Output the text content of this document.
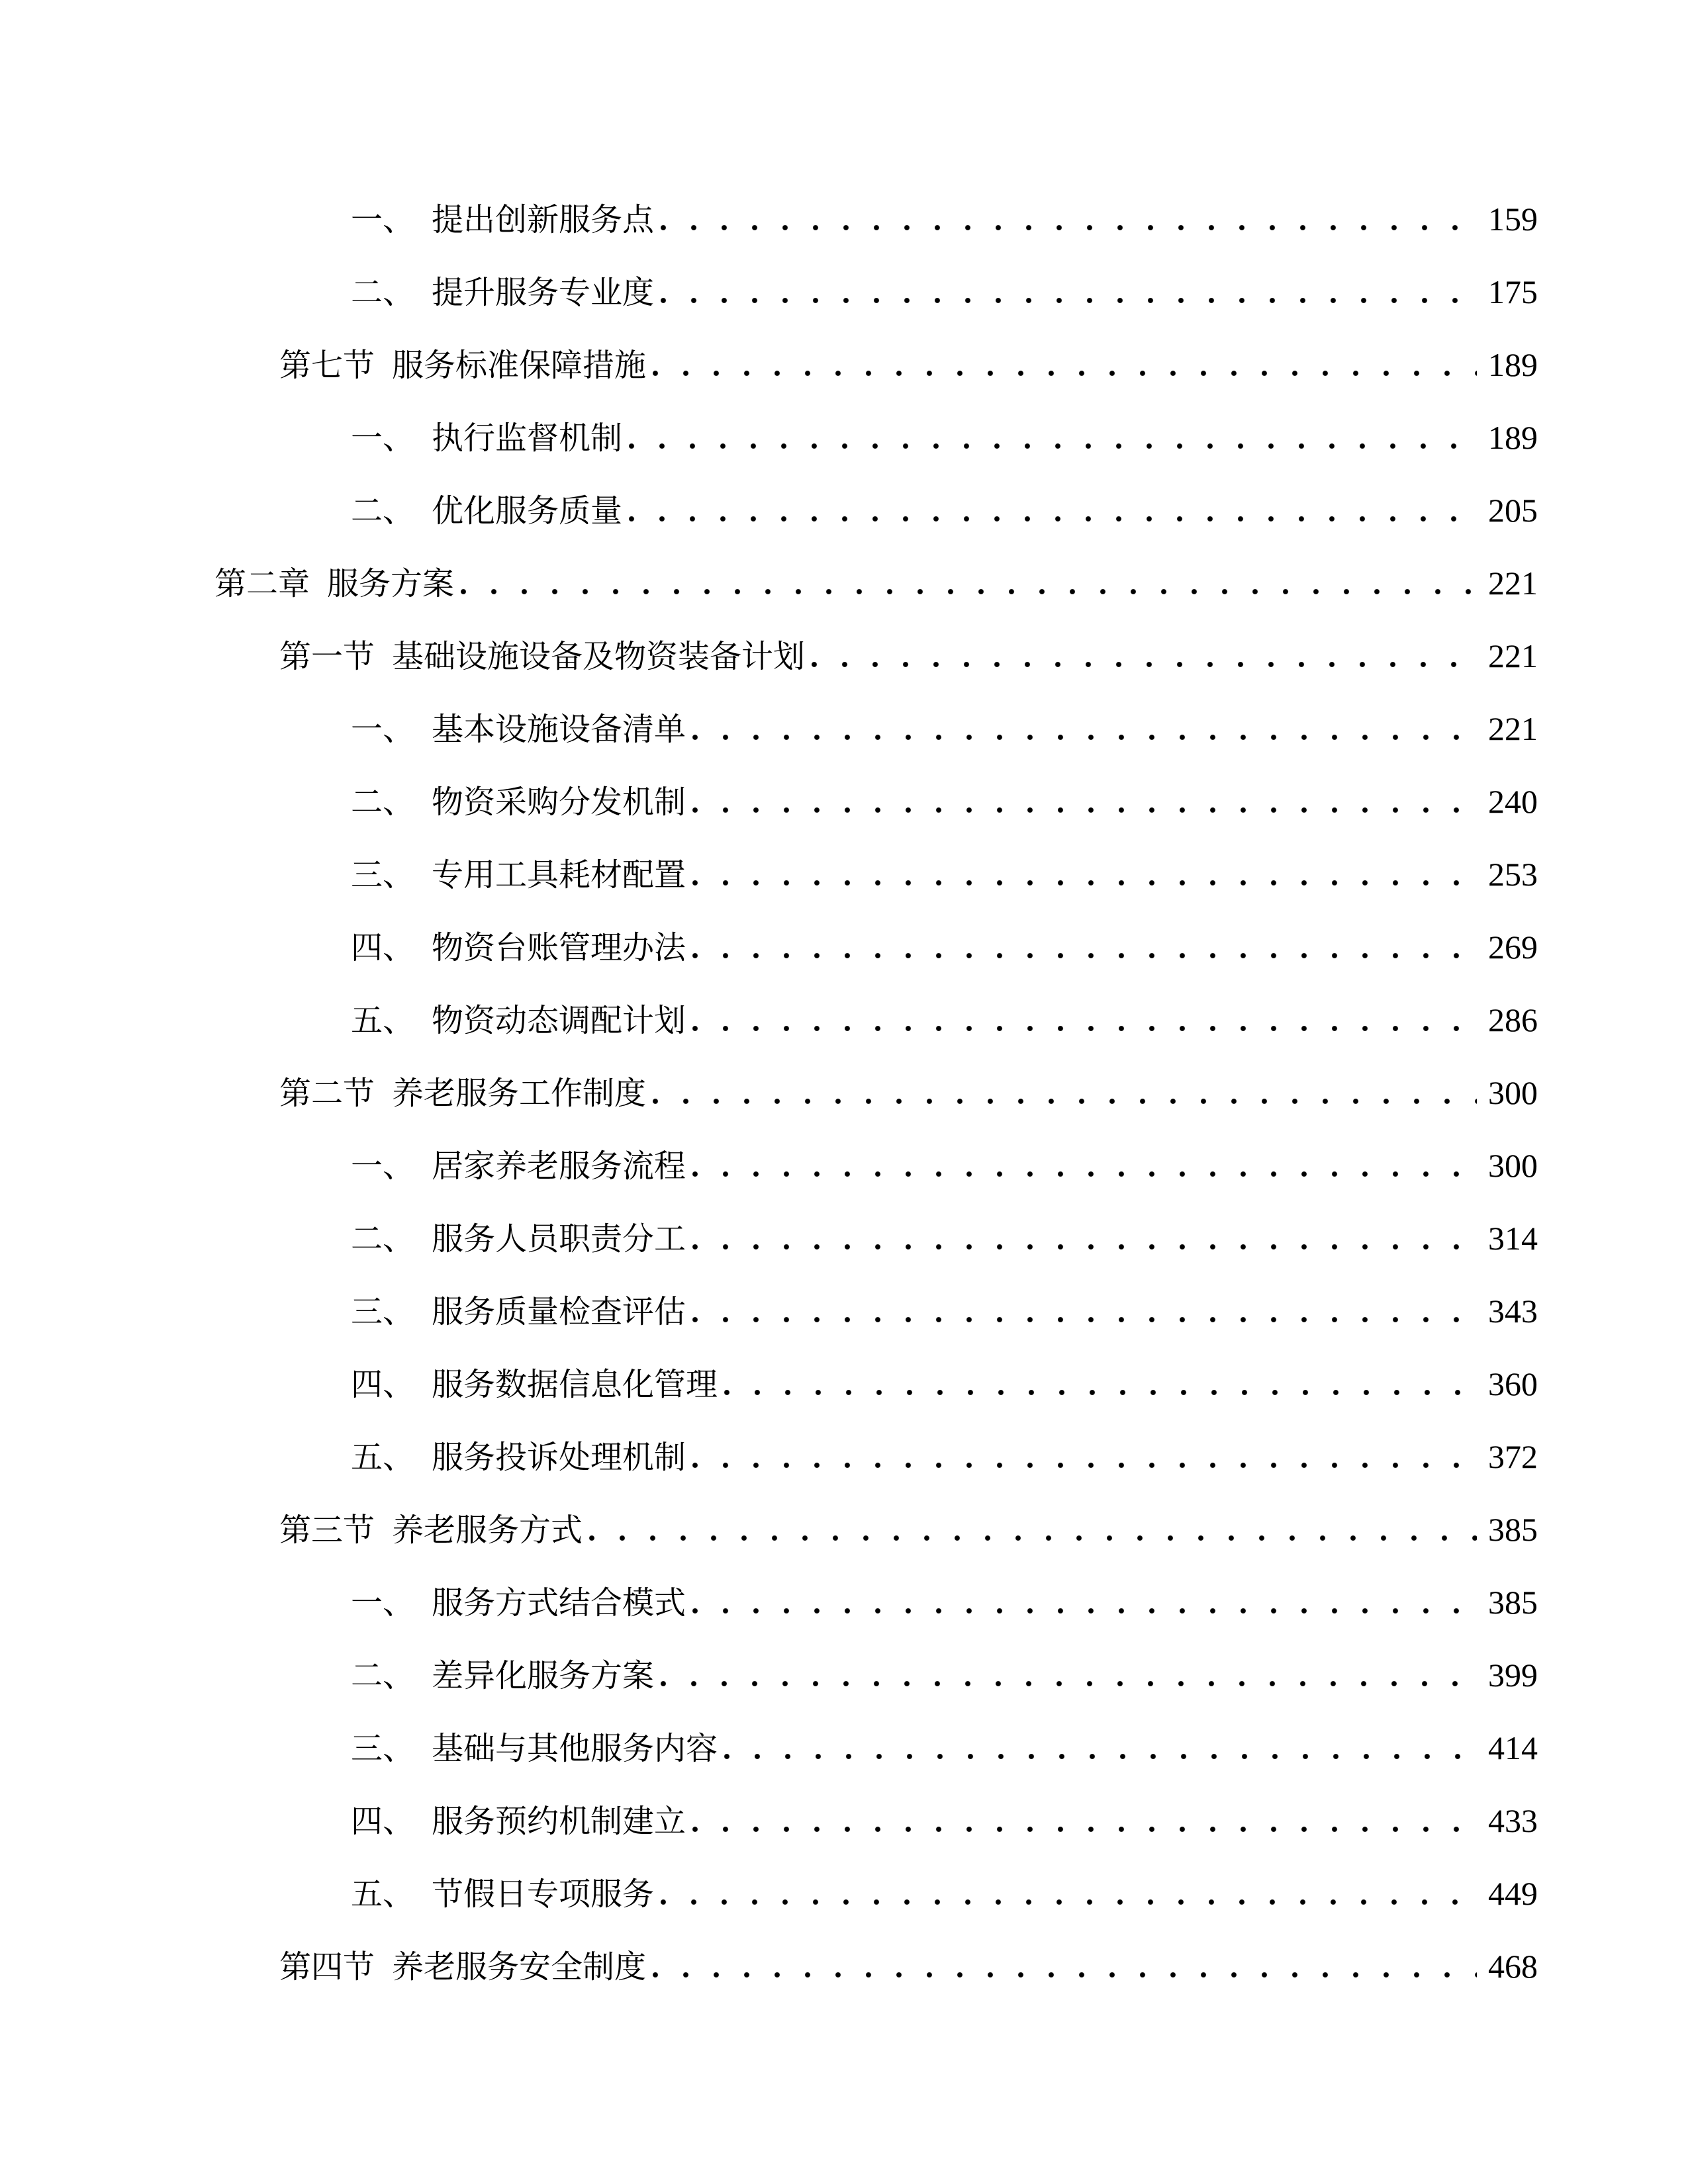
一、 提出创新服务点	159
二、 提升服务专业度	175
第七节 服务标准保障措施	189
一、 执行监督机制	189
二、 优化服务质量	205
第二章 服务方案	221
第一节 基础设施设备及物资装备计划	221
一、 基本设施设备清单	221
二、 物资采购分发机制	240
三、 专用工具耗材配置	253
四、 物资台账管理办法	269
五、 物资动态调配计划	286
第二节 养老服务工作制度	300
一、 居家养老服务流程	300
二、 服务人员职责分工	314
三、 服务质量检查评估	343
四、 服务数据信息化管理	360
五、 服务投诉处理机制	372
第三节 养老服务方式	385
一、 服务方式结合模式	385
二、 差异化服务方案	399
三、 基础与其他服务内容	414
四、 服务预约机制建立	433
五、 节假日专项服务	449
第四节 养老服务安全制度	468
